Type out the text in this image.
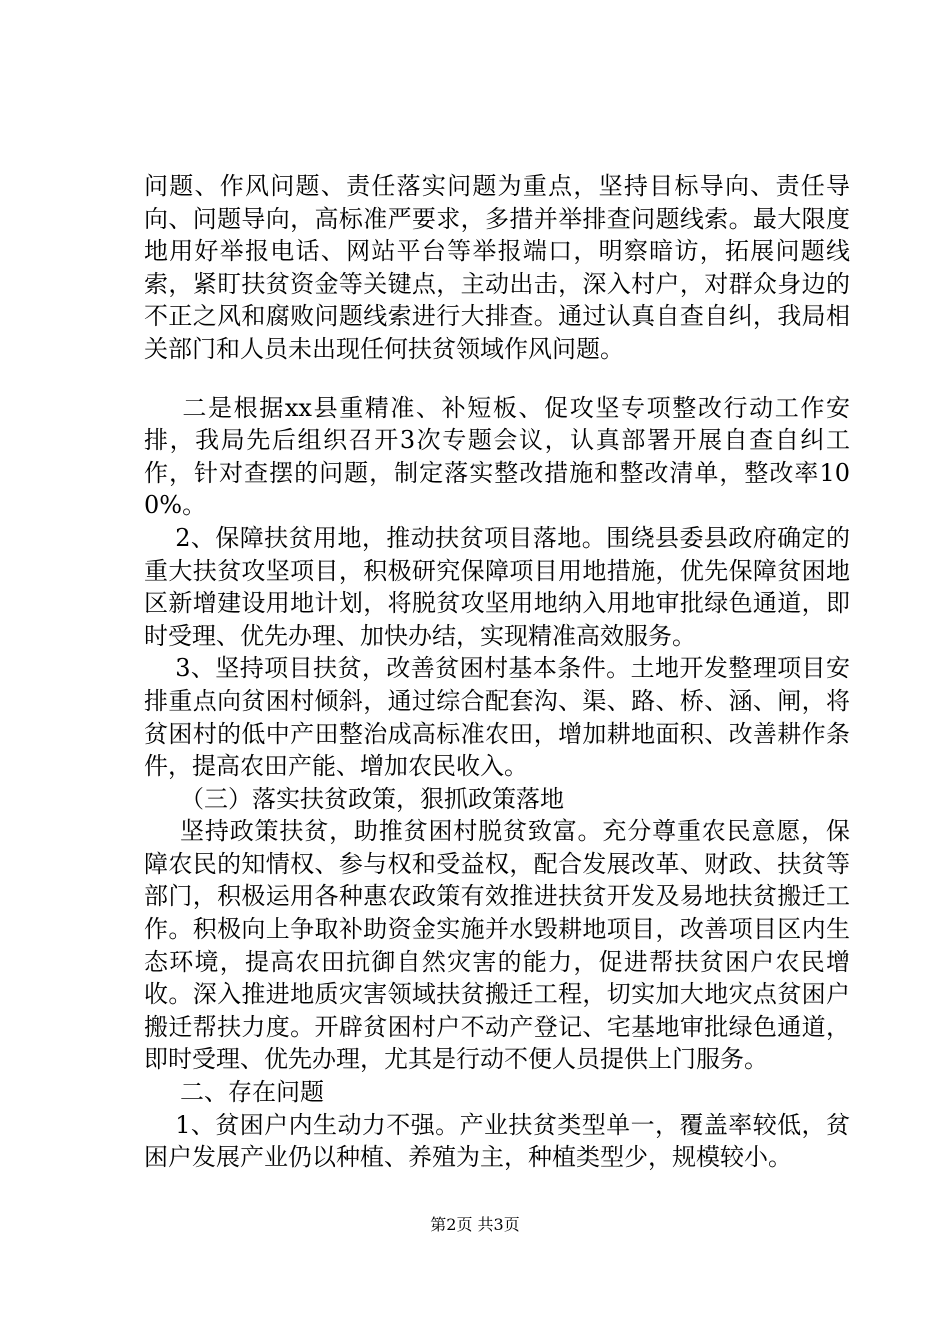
问题、作风问题、责任落实问题为重点，坚持目标导向、责任导向、问题导向，高标准严要求，多措并举排查问题线索。最大限度地用好举报电话、网站平台等举报端口，明察暗访，拓展问题线索，紧盯扶贫资金等关键点，主动出击，深入村户，对群众身边的不正之风和腐败问题线索进行大排查。通过认真自查自纠，我局相关部门和人员未出现任何扶贫领域作风问题。

二是根据xx县重精准、补短板、促攻坚专项整改行动工作安排，我局先后组织召开3次专题会议，认真部署开展自查自纠工作，针对查摆的问题，制定落实整改措施和整改清单，整改率100%。

2、保障扶贫用地，推动扶贫项目落地。围绕县委县政府确定的重大扶贫攻坚项目，积极研究保障项目用地措施，优先保障贫困地区新增建设用地计划，将脱贫攻坚用地纳入用地审批绿色通道，即时受理、优先办理、加快办结，实现精准高效服务。

3、坚持项目扶贫，改善贫困村基本条件。土地开发整理项目安排重点向贫困村倾斜，通过综合配套沟、渠、路、桥、涵、闸，将贫困村的低中产田整治成高标准农田，增加耕地面积、改善耕作条件，提高农田产能、增加农民收入。

（三）落实扶贫政策，狠抓政策落地

坚持政策扶贫，助推贫困村脱贫致富。充分尊重农民意愿，保障农民的知情权、参与权和受益权，配合发展改革、财政、扶贫等部门，积极运用各种惠农政策有效推进扶贫开发及易地扶贫搬迁工作。积极向上争取补助资金实施并水毁耕地项目，改善项目区内生态环境，提高农田抗御自然灾害的能力，促进帮扶贫困户农民增收。深入推进地质灾害领域扶贫搬迁工程，切实加大地灾点贫困户搬迁帮扶力度。开辟贫困村户不动产登记、宅基地审批绿色通道，即时受理、优先办理，尤其是行动不便人员提供上门服务。

二、存在问题

1、贫困户内生动力不强。产业扶贫类型单一，覆盖率较低，贫困户发展产业仍以种植、养殖为主，种植类型少，规模较小。

第2页 共3页
